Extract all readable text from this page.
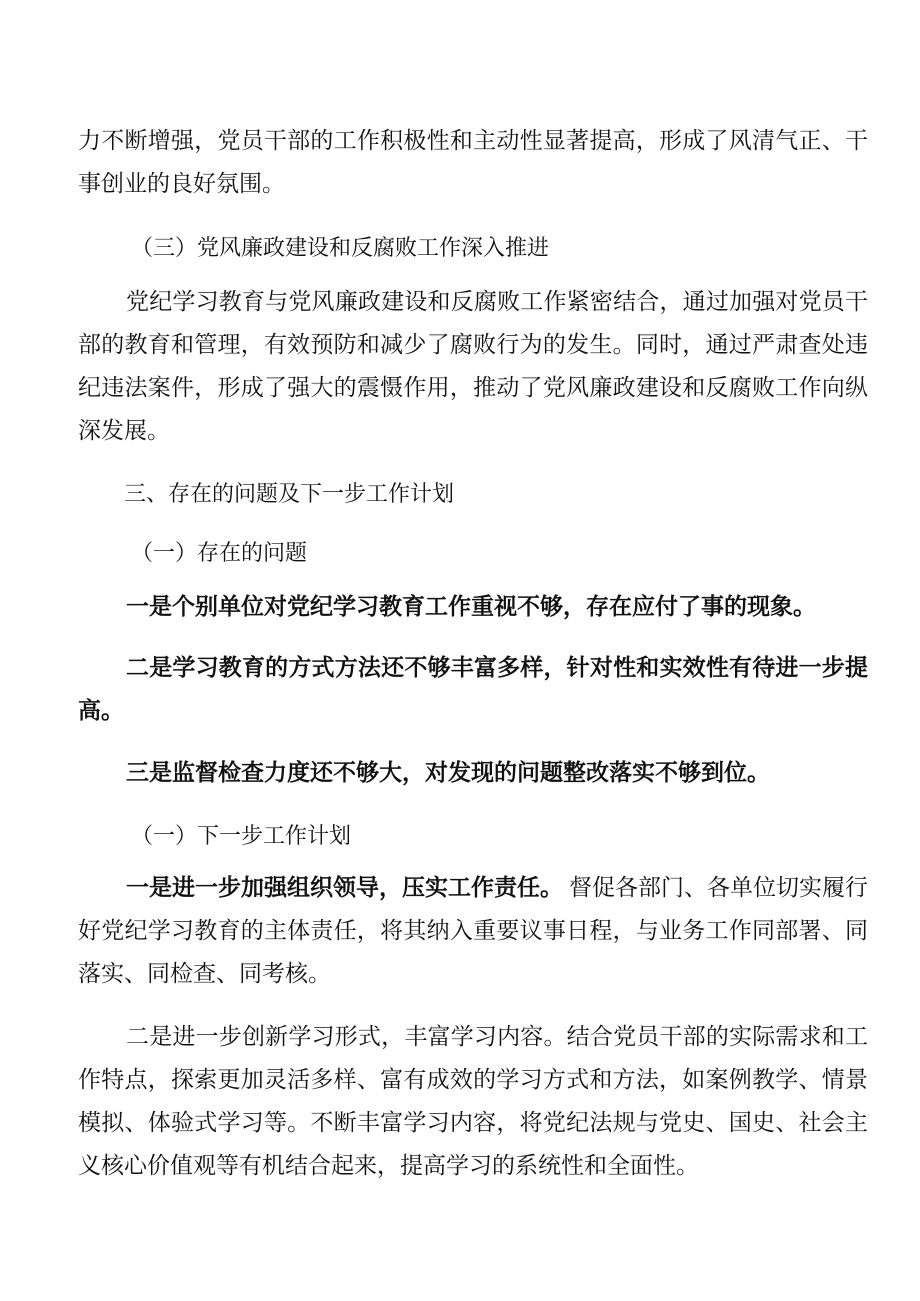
力不断增强，党员干部的工作积极性和主动性显著提高，形成了风清气正、干
事创业的良好氛围。
（三）党风廉政建设和反腐败工作深入推进
党纪学习教育与党风廉政建设和反腐败工作紧密结合，通过加强对党员干
部的教育和管理，有效预防和减少了腐败行为的发生。同时，通过严肃查处违
纪违法案件，形成了强大的震慑作用，推动了党风廉政建设和反腐败工作向纵
深发展。
三、存在的问题及下一步工作计划
（一）存在的问题
一是个别单位对党纪学习教育工作重视不够，存在应付了事的现象。
二是学习教育的方式方法还不够丰富多样，针对性和实效性有待进一步提
高。
三是监督检查力度还不够大，对发现的问题整改落实不够到位。
（一）下一步工作计划
一是进一步加强组织领导，压实工作责任。 督促各部门、各单位切实履行
好党纪学习教育的主体责任，将其纳入重要议事日程，与业务工作同部署、同
落实、同检查、同考核。
二是进一步创新学习形式，丰富学习内容。结合党员干部的实际需求和工
作特点，探索更加灵活多样、富有成效的学习方式和方法，如案例教学、情景
模拟、体验式学习等。不断丰富学习内容，将党纪法规与党史、国史、社会主
义核心价值观等有机结合起来，提高学习的系统性和全面性。
